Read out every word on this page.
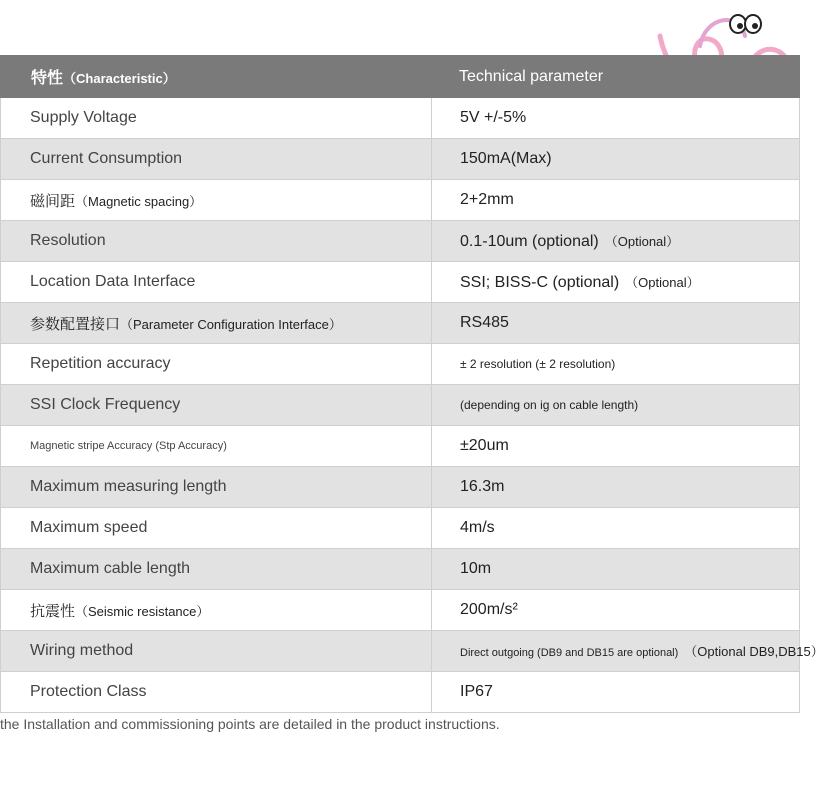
特性（Characteristic）	Technical parameter
Supply Voltage	5V +/-5%
Current Consumption	150mA(Max)
磁间距（Magnetic spacing）	2+2mm
Resolution	0.1-10um (optional) （Optional）
Location Data Interface	SSI; BISS-C (optional) （Optional）
参数配置接口（Parameter Configuration Interface）	RS485
Repetition accuracy	± 2 resolution (± 2 resolution)
SSI Clock Frequency	(depending on ig on cable length)
Magnetic stripe Accuracy (Stp Accuracy)	±20um
Maximum measuring length	16.3m
Maximum speed	4m/s
Maximum cable length	10m
抗震性（Seismic resistance）	200m/s²
Wiring method	Direct outgoing (DB9 and DB15 are optional) （Optional DB9,DB15）
Protection Class	IP67
the Installation and commissioning points are detailed in the product instructions.
